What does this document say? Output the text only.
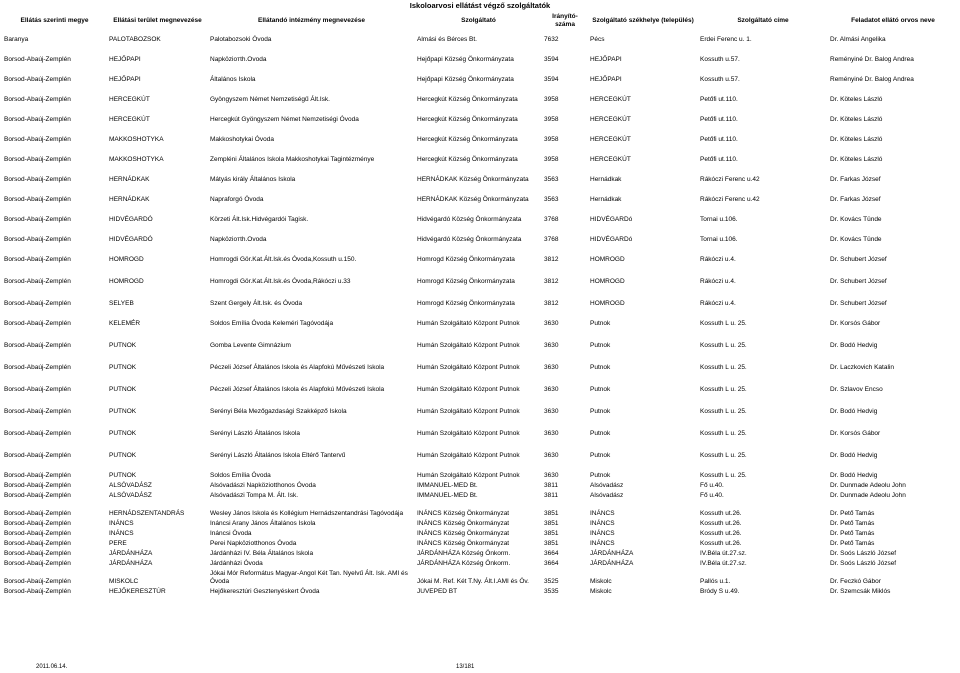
Iskoloarvosi ellátást végző szolgáltatók
Ellátás szerinti megye	Ellátási terület megnevezése	Ellátandó intézmény megnevezése	Szolgáltató	Irányító-száma	Szolgáltató székhelye (település)	Szolgáltató címe	Feladatot ellátó orvos neve
Baranya	PALOTABOZSOK	Palotabozsoki Óvoda	Almási és Bérces Bt.	7632	Pécs	Erdei Ferenc u. 1.	Dr. Almási Angelika
Borsod-Abaúj-Zemplén	HEJŐPAPI	Napközioтth.Ovoda	Hejőpapi Község Önkormányzata	3594	HEJŐPAPI	Kossuth u.57.	Reményiné Dr. Balog Andrea
Borsod-Abaúj-Zemplén	HEJŐPAPI	Általános Iskola	Hejőpapi Község Önkormányzata	3594	HEJŐPAPI	Kossuth u.57.	Reményiné Dr. Balog Andrea
Borsod-Abaúj-Zemplén	HERCEGKÚT	Gyöngyszem Német Nemzetiségű Ált.Isk.	Hercegkút Község Önkormányzata	3958	HERCEGKÚT	Petőfi ut.110.	Dr. Köteles László
Borsod-Abaúj-Zemplén	HERCEGKÚT	Hercegkút Gyöngyszem Német Nemzetiségi Óvoda	Hercegkút Község Önkormányzata	3958	HERCEGKÚT	Petőfi ut.110.	Dr. Köteles László
Borsod-Abaúj-Zemplén	MAKKOSHOTYKA	Makkoshotykai Óvoda	Hercegkút Község Önkormányzata	3958	HERCEGKÚT	Petőfi ut.110.	Dr. Köteles László
Borsod-Abaúj-Zemplén	MAKKOSHOTYKA	Zempléni Általános Iskola Makkoshotykai Tagintézménye	Hercegkút Község Önkormányzata	3958	HERCEGKÚT	Petőfi ut.110.	Dr. Köteles László
Borsod-Abaúj-Zemplén	HERNÁDKAK	Mátyás király Általános Iskola	HERNÁDKAK Község Önkormányzata	3563	Hernádkak	Rákóczi Ferenc u.42	Dr. Farkas József
Borsod-Abaúj-Zemplén	HERNÁDKAK	Napraforgó Óvoda	HERNÁDKAK Község Önkormányzata	3563	Hernádkak	Rákóczi Ferenc u.42	Dr. Farkas József
Borsod-Abaúj-Zemplén	HIDVÉGARDÓ	Körzeti Ált.Isk.Hidvégardói Tagisk.	Hidvégardó Község Önkormányzata	3768	HIDVÉGARDó	Tornai u.106.	Dr. Kovács Tünde
Borsod-Abaúj-Zemplén	HIDVÉGARDÓ	Napközioтth.Ovoda	Hidvégardó Község Önkormányzata	3768	HIDVÉGARDó	Tornai u.106.	Dr. Kovács Tünde
Borsod-Abaúj-Zemplén	HOMROGD	Homrogdi Gör.Kat.Ált.Isk.és Óvoda,Kossuth u.150.	Homrogd Község Önkormányzata	3812	HOMROGD	Rákóczi u.4.	Dr. Schubert József
Borsod-Abaúj-Zemplén	HOMROGD	Homrogdi Gör.Kat.Ált.Isk.és Óvoda,Rákóczi u.33	Homrogd Község Önkormányzata	3812	HOMROGD	Rákóczi u.4.	Dr. Schubert József
Borsod-Abaúj-Zemplén	SELYEB	Szent Gergely Ált.Isk. és Óvoda	Homrogd Község Önkormányzata	3812	HOMROGD	Rákóczi u.4.	Dr. Schubert József
Borsod-Abaúj-Zemplén	KELEMÉR	Soldos Emília Óvoda Keleméri Tagóvodája	Humán Szolgáltató Központ Putnok	3630	Putnok	Kossuth L u. 25.	Dr. Korsós Gábor
Borsod-Abaúj-Zemplén	PUTNOK	Gomba Levente Gimnázium	Humán Szolgáltató Központ Putnok	3630	Putnok	Kossuth L u. 25.	Dr. Bodó Hedvig
Borsod-Abaúj-Zemplén	PUTNOK	Péczeli József Általános Iskola és Alapfokú Művészeti Iskola	Humán Szolgáltató Központ Putnok	3630	Putnok	Kossuth L u. 25.	Dr. Laczkovich Katalin
Borsod-Abaúj-Zemplén	PUTNOK	Péczeli József Általános Iskola és Alapfokú Művészeti Iskola	Humán Szolgáltató Központ Putnok	3630	Putnok	Kossuth L u. 25.	Dr. Szlavov Encso
Borsod-Abaúj-Zemplén	PUTNOK	Serényi Béla Mezőgazdasági Szakképző Iskola	Humán Szolgáltató Központ Putnok	3630	Putnok	Kossuth L u. 25.	Dr. Bodó Hedvig
Borsod-Abaúj-Zemplén	PUTNOK	Serényi László Általános Iskola	Humán Szolgáltató Központ Putnok	3630	Putnok	Kossuth L u. 25.	Dr. Korsós Gábor
Borsod-Abaúj-Zemplén	PUTNOK	Serényi László Általános Iskola Eltérő Tantervű	Humán Szolgáltató Központ Putnok	3630	Putnok	Kossuth L u. 25.	Dr. Bodó Hedvig
Borsod-Abaúj-Zemplén	PUTNOK	Soldos Emília Óvoda	Humán Szolgáltató Központ Putnok	3630	Putnok	Kossuth L u. 25.	Dr. Bodó Hedvig
Borsod-Abaúj-Zemplén	ALSÓVADÁSZ	Alsóvadászi Napköziotthonos Óvoda	IMMANUEL-MED Bt.	3811	Alsóvadász	Fő u.40.	Dr. Dunmade Adeolu John
Borsod-Abaúj-Zemplén	ALSÓVADÁSZ	Alsóvadászi Tompa M. Ált. Isk.	IMMANUEL-MED Bt.	3811	Alsóvadász	Fő u.40.	Dr. Dunmade Adeolu John
Borsod-Abaúj-Zemplén	HERNÁDSZENTANDRÁS	Wesley János Iskola és Kollégium Hernádszentandrási Tagóvodája	INÁNCS Község Önkormányzat	3851	INÁNCS	Kossuth ut.26.	Dr. Pető Tamás
Borsod-Abaúj-Zemplén	INÁNCS	Ináncsi Arany János Általános Iskola	INÁNCS Község Önkormányzat	3851	INÁNCS	Kossuth ut.26.	Dr. Pető Tamás
Borsod-Abaúj-Zemplén	INÁNCS	Ináncsi Óvoda	INÁNCS Község Önkormányzat	3851	INÁNCS	Kossuth ut.26.	Dr. Pető Tamás
Borsod-Abaúj-Zemplén	PERE	Perei Napköziotthonos Óvoda	INÁNCS Község Önkormányzat	3851	INÁNCS	Kossuth ut.26.	Dr. Pető Tamás
Borsod-Abaúj-Zemplén	JÁRDÁNHÁZA	Járdánházi IV. Béla Általános Iskola	JÁRDÁNHÁZA Község Önkorm.	3664	JÁRDÁNHÁZA	IV.Béla út.27.sz.	Dr. Soós László József
Borsod-Abaúj-Zemplén	JÁRDÁNHÁZA	Járdánházi Óvoda	JÁRDÁNHÁZA Község Önkorm.	3664	JÁRDÁNHÁZA	IV.Béla út.27.sz.	Dr. Soós László József
Borsod-Abaúj-Zemplén	MISKOLC	Jókai Mór Református Magyar-Angol Két Tan. Nyelvű Ált. Isk. AMI és Óvoda	Jókai M. Ref. Két T.Ny. Ált.I.AMI és Óv.	3525	Miskolc	Pallós u.1.	Dr. Feczkó Gábor
Borsod-Abaúj-Zemplén	HEJŐKERESZTÚR	Hejőkeresztúri Gesztenyéskert Óvoda	JUVEPED BT	3535	Miskolc	Bródy S u.49.	Dr. Szemcsák Miklós
2011.06.14.	13/181
